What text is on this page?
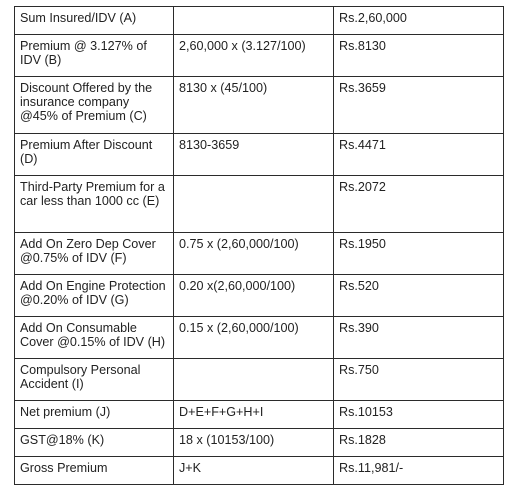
Sum Insured/IDV (A)		Rs.2,60,000
Premium @ 3.127% of IDV (B)	2,60,000 x (3.127/100)	Rs.8130
Discount Offered by the insurance company @45% of Premium (C)	8130 x (45/100)	Rs.3659
Premium After Discount (D)	8130-3659	Rs.4471
Third-Party Premium for a car less than 1000 cc (E)		Rs.2072
Add On Zero Dep Cover @0.75% of IDV (F)	0.75 x (2,60,000/100)	Rs.1950
Add On Engine Protection @0.20% of IDV (G)	0.20 x(2,60,000/100)	Rs.520
Add On Consumable Cover @0.15% of IDV (H)	0.15 x (2,60,000/100)	Rs.390
Compulsory Personal Accident (I)		Rs.750
Net premium (J)	D+E+F+G+H+I	Rs.10153
GST@18% (K)	18 x (10153/100)	Rs.1828
Gross Premium	J+K	Rs.11,981/-
